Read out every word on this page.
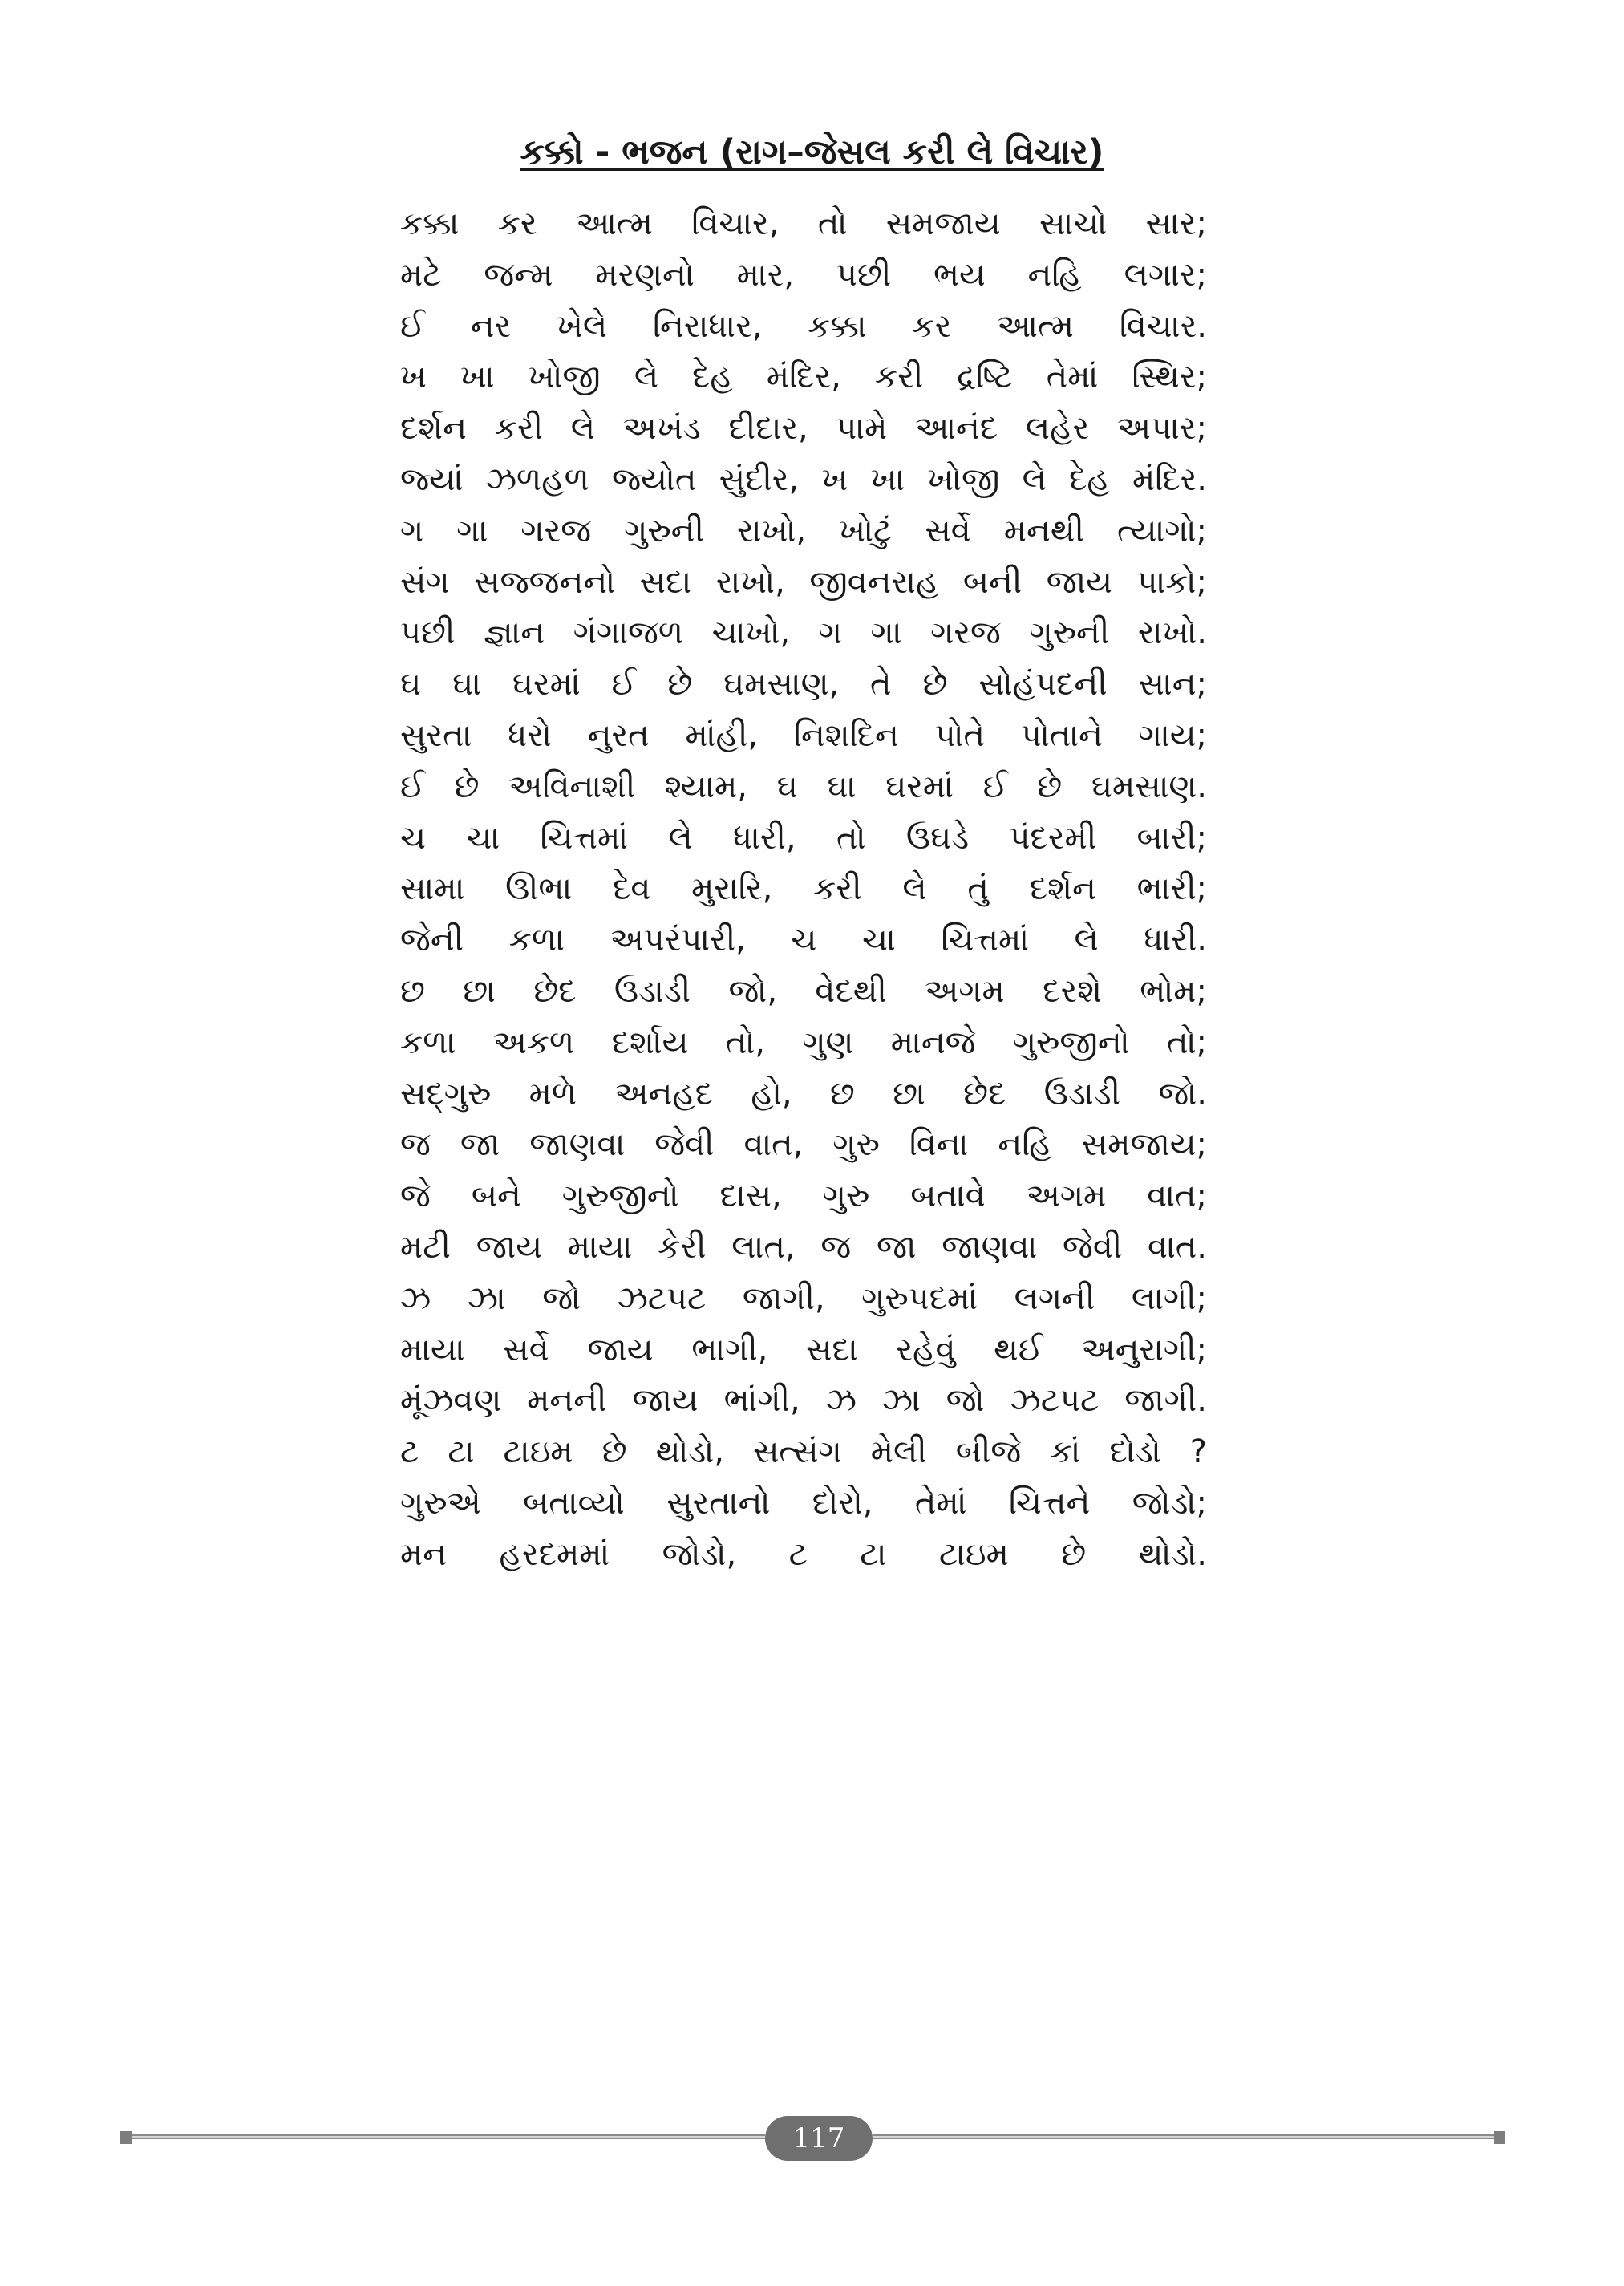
કક્કો - ભજન (રાગ–જેસલ કરી લે વિચાર)
કક્કા કર આત્મ વિચાર, તો સમજાય સાચો સાર;
મટે જન્મ મરણનો માર, પછી ભય નહિ લગાર;
ઈ નર ખેલે નિરાધાર, કક્કા કર આત્મ વિચાર.
ખ ખા ખોજી લે દેહ મંદિર, કરી દ્રષ્ટિ તેમાં સ્થિર;
દર્શન કરી લે અખંડ દીદાર, પામે આનંદ લહેર અપાર;
જ્યાં ઝળહળ જ્યોત સુંદીર, ખ ખા ખોજી લે દેહ મંદિર.
ગ ગા ગરજ ગુરુની રાખો, ખોટું સર્વે મનથી ત્યાગો;
સંગ સજ્જનનો સદા રાખો, જીવનરાહ બની જાય પાકો;
પછી જ્ઞાન ગંગાજળ ચાખો, ગ ગા ગરજ ગુરુની રાખો.
ઘ ઘા ઘરમાં ઈ છે ઘમસાણ, તે છે સોહંપદની સાન;
સુરતા ધરો નુરત માંહી, નિશદિન પોતે પોતાને ગાય;
ઈ છે અવિનાશી શ્યામ, ઘ ઘા ઘરમાં ઈ છે ઘમસાણ.
ચ ચા ચિત્તમાં લે ધારી, તો ઉઘડે પંદરમી બારી;
સામા ઊભા દેવ મુરારિ, કરી લે તું દર્શન ભારી;
જેની કળા અપરંપારી, ચ ચા ચિત્તમાં લે ધારી.
છ છા છેદ ઉડાડી જો, વેદથી અગમ દરશે ભોમ;
કળા અકળ દર્શાય તો, ગુણ માનજે ગુરુજીનો તો;
સદ્‌ગુરુ મળે અનહદ હો, છ છા છેદ ઉડાડી જો.
જ જા જાણવા જેવી વાત, ગુરુ વિના નહિ સમજાય;
જે બને ગુરુજીનો દાસ, ગુરુ બતાવે અગમ વાત;
મટી જાય માયા કેરી લાત, જ જા જાણવા જેવી વાત.
ઝ ઝા જો ઝટપટ જાગી, ગુરુપદમાં લગની લાગી;
માયા સર્વે જાય ભાગી, સદા રહેવું થઈ અનુરાગી;
મૂંઝવણ મનની જાય ભાંગી, ઝ ઝા જો ઝટપટ જાગી.
ટ ટા ટાઇમ છે થોડો, સત્સંગ મેલી બીજે કાં દોડો ?
ગુરુએ બતાવ્યો સુરતાનો દોરો, તેમાં ચિત્તને જોડો;
મન હરદમમાં જોડો, ટ ટા ટાઇમ છે થોડો.
117
